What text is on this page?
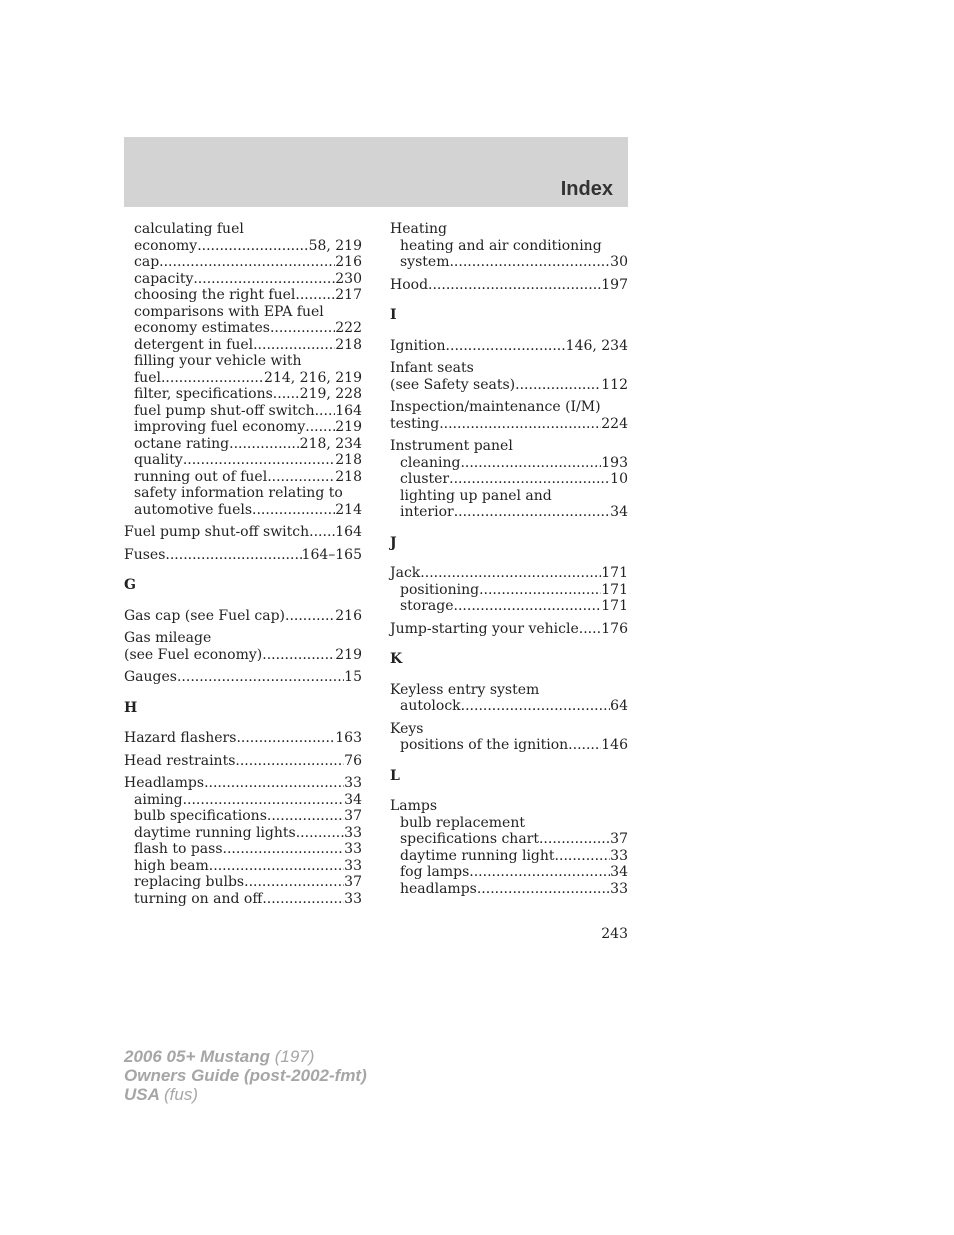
Index
calculating fuel
economy .....	58, 219
cap .....	216
capacity .....	230
choosing the right fuel .....	217
comparisons with EPA fuel
economy estimates .....	222
detergent in fuel .....	218
filling your vehicle with
fuel .....	214, 216, 219
filter, specifications ..... 219, 228
fuel pump shut-off switch ..... 164
improving fuel economy ..... 219
octane rating .....	218, 234
quality .....	218
running out of fuel .....	218
safety information relating to
automotive fuels .....	214
Fuel pump shut-off switch ..... 164
Fuses .....	164–165
G
Gas cap (see Fuel cap) .....	216
Gas mileage
(see Fuel economy) .....	219
Gauges .....	15
H
Hazard flashers .....	163
Head restraints .....	76
Headlamps .....	33
aiming .....	34
bulb specifications .....	37
daytime running lights .....	33
flash to pass .....	33
high beam .....	33
replacing bulbs .....	37
turning on and off .....	33
Heating
heating and air conditioning
system .....	30
Hood .....	197
I
Ignition .....	146, 234
Infant seats
(see Safety seats) .....	112
Inspection/maintenance (I/M)
testing .....	224
Instrument panel
cleaning .....	193
cluster .....	10
lighting up panel and
interior .....	34
J
Jack .....	171
positioning .....	171
storage .....	171
Jump-starting your vehicle ..... 176
K
Keyless entry system
autolock .....	64
Keys
positions of the ignition ..... 146
L
Lamps
bulb replacement
specifications chart .....	37
daytime running light .....	33
fog lamps .....	34
headlamps .....	33
243
2006 05+ Mustang (197)
Owners Guide (post-2002-fmt)
USA (fus)
